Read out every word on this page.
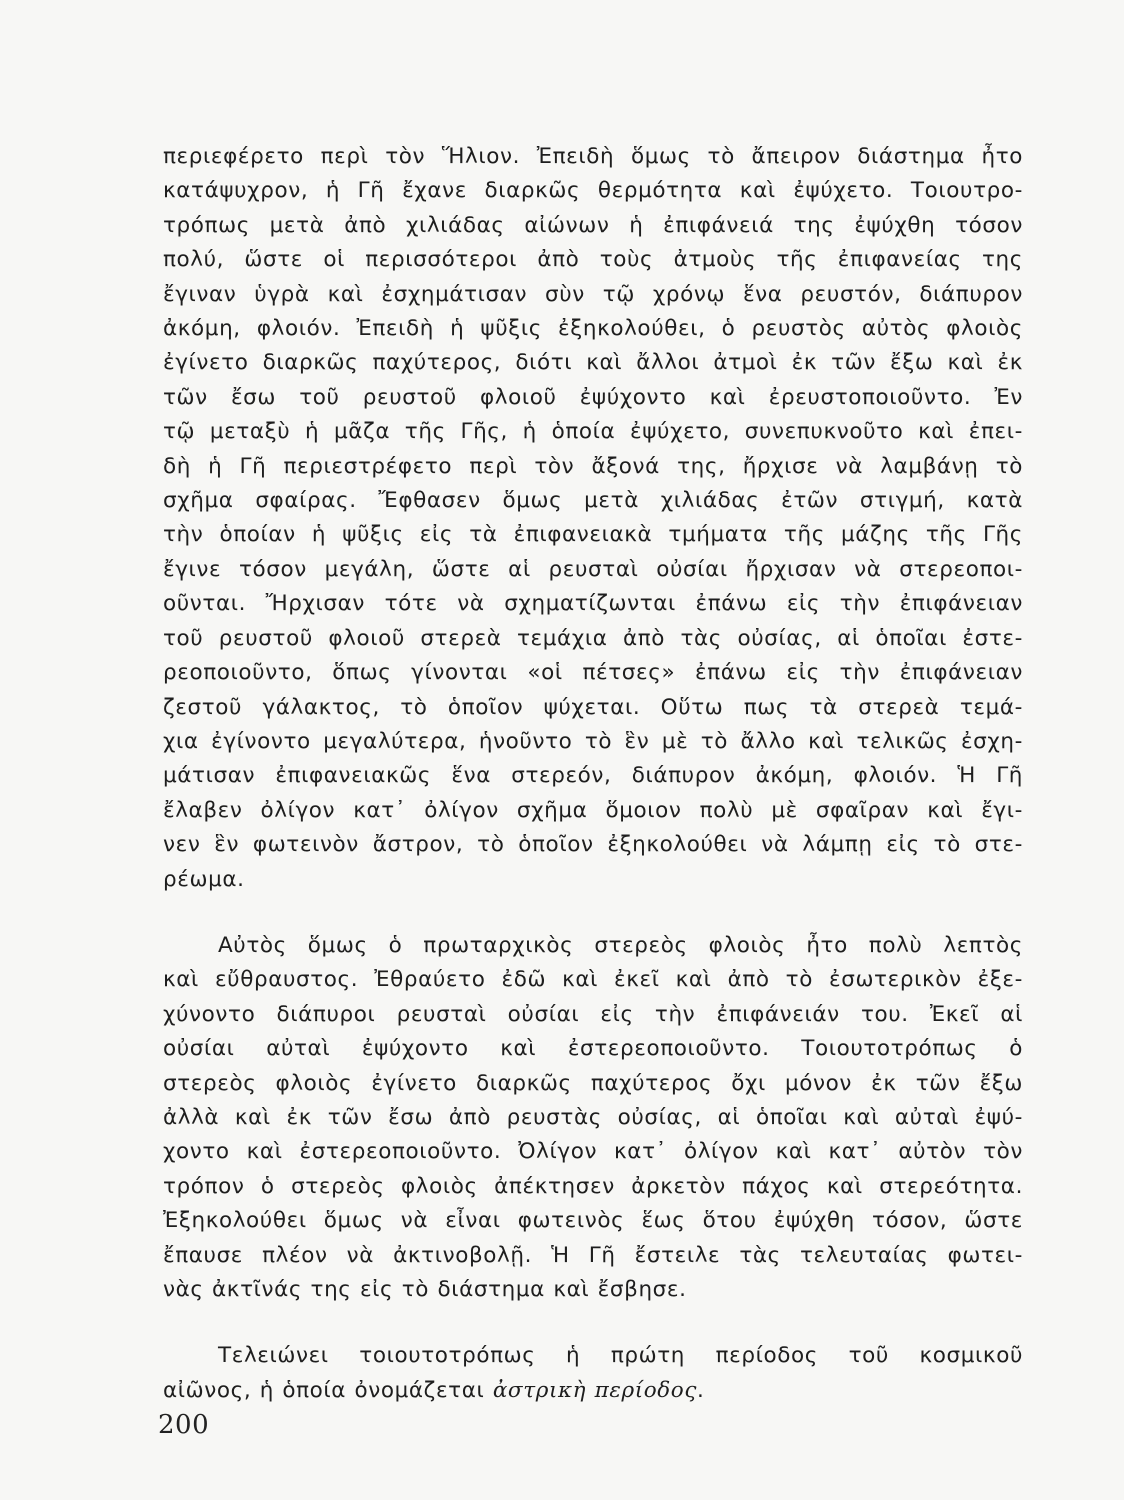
περιεφέρετο περὶ τὸν Ἥλιον. Ἐπειδὴ ὅμως τὸ ἄπειρον διάστημα ἦτο
κατάψυχρον, ἡ Γῆ ἔχανε διαρκῶς θερμότητα καὶ ἐψύχετο. Τοιουτρο-
τρόπως μετὰ ἀπὸ χιλιάδας αἰώνων ἡ ἐπιφάνειά της ἐψύχθη τόσον
πολύ, ὥστε οἱ περισσότεροι ἀπὸ τοὺς ἀτμοὺς τῆς ἐπιφανείας της
ἔγιναν ὑγρὰ καὶ ἐσχημάτισαν σὺν τῷ χρόνῳ ἕνα ρευστόν, διάπυρον
ἀκόμη, φλοιόν. Ἐπειδὴ ἡ ψῦξις ἐξηκολούθει, ὁ ρευστὸς αὐτὸς φλοιὸς
ἐγίνετο διαρκῶς παχύτερος, διότι καὶ ἄλλοι ἀτμοὶ ἐκ τῶν ἔξω καὶ ἐκ
τῶν ἔσω τοῦ ρευστοῦ φλοιοῦ ἐψύχοντο καὶ ἐρευστοποιοῦντο. Ἐν
τῷ μεταξὺ ἡ μᾶζα τῆς Γῆς, ἡ ὁποία ἐψύχετο, συνεπυκνοῦτο καὶ ἐπει-
δὴ ἡ Γῆ περιεστρέφετο περὶ τὸν ἄξονά της, ἤρχισε νὰ λαμβάνῃ τὸ
σχῆμα σφαίρας. Ἔφθασεν ὅμως μετὰ χιλιάδας ἐτῶν στιγμή, κατὰ
τὴν ὁποίαν ἡ ψῦξις εἰς τὰ ἐπιφανειακὰ τμήματα τῆς μάζης τῆς Γῆς
ἔγινε τόσον μεγάλη, ὥστε αἱ ρευσταὶ οὐσίαι ἤρχισαν νὰ στερεοποι-
οῦνται. Ἤρχισαν τότε νὰ σχηματίζωνται ἐπάνω εἰς τὴν ἐπιφάνειαν
τοῦ ρευστοῦ φλοιοῦ στερεὰ τεμάχια ἀπὸ τὰς οὐσίας, αἱ ὁποῖαι ἐστε-
ρεοποιοῦντο, ὅπως γίνονται «οἱ πέτσες» ἐπάνω εἰς τὴν ἐπιφάνειαν
ζεστοῦ γάλακτος, τὸ ὁποῖον ψύχεται. Οὕτω πως τὰ στερεὰ τεμά-
χια ἐγίνοντο μεγαλύτερα, ἡνοῦντο τὸ ἓν μὲ τὸ ἄλλο καὶ τελικῶς ἐσχη-
μάτισαν ἐπιφανειακῶς ἕνα στερεόν, διάπυρον ἀκόμη, φλοιόν. Ἡ Γῆ
ἔλαβεν ὀλίγον κατ᾽ ὀλίγον σχῆμα ὅμοιον πολὺ μὲ σφαῖραν καὶ ἔγι-
νεν ἓν φωτεινὸν ἄστρον, τὸ ὁποῖον ἐξηκολούθει νὰ λάμπῃ εἰς τὸ στε-
ρέωμα.

Αὐτὸς ὅμως ὁ πρωταρχικὸς στερεὸς φλοιὸς ἦτο πολὺ λεπτὸς
καὶ εὔθραυστος. Ἐθραύετο ἐδῶ καὶ ἐκεῖ καὶ ἀπὸ τὸ ἐσωτερικὸν ἐξε-
χύνοντο διάπυροι ρευσταὶ οὐσίαι εἰς τὴν ἐπιφάνειάν του. Ἐκεῖ αἱ
οὐσίαι αὐταὶ ἐψύχοντο καὶ ἐστερεοποιοῦντο. Τοιουτοτρόπως ὁ
στερεὸς φλοιὸς ἐγίνετο διαρκῶς παχύτερος ὄχι μόνον ἐκ τῶν ἔξω
ἀλλὰ καὶ ἐκ τῶν ἔσω ἀπὸ ρευστὰς οὐσίας, αἱ ὁποῖαι καὶ αὐταὶ ἐψύ-
χοντο καὶ ἐστερεοποιοῦντο. Ὀλίγον κατ᾽ ὀλίγον καὶ κατ᾽ αὐτὸν τὸν
τρόπον ὁ στερεὸς φλοιὸς ἀπέκτησεν ἀρκετὸν πάχος καὶ στερεότητα.
Ἐξηκολούθει ὅμως νὰ εἶναι φωτεινὸς ἕως ὅτου ἐψύχθη τόσον, ὥστε
ἔπαυσε πλέον νὰ ἀκτινοβολῇ. Ἡ Γῆ ἔστειλε τὰς τελευταίας φωτει-
νὰς ἀκτῖνάς της εἰς τὸ διάστημα καὶ ἔσβησε.

Τελειώνει τοιουτοτρόπως ἡ πρώτη περίοδος τοῦ κοσμικοῦ
αἰῶνος, ἡ ὁποία ὀνομάζεται ἀστρικὴ περίοδος.

200
